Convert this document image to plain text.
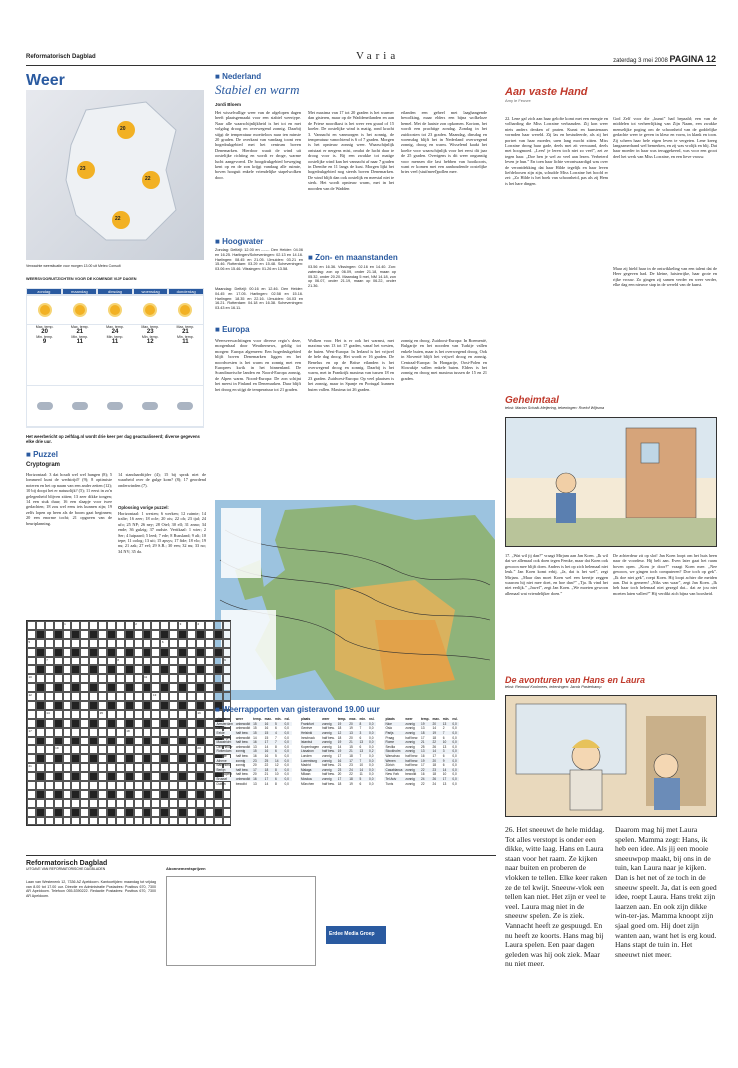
Reformatorisch Dagblad	Varia	zaterdag 3 mei 2008 PAGINA 12
Weer
20
23
22
22
Verwachte weersituatie voor morgen 13.00 uit Meteo Consult
WEERSVOORUITZICHTEN VOOR DE KOMENDE VIJF DAGEN
zondag	maandag	dinsdag	woensdag	donderdag
Max. temp.
20
Min. temp.
9
Max. temp.
21
Min. temp.
11
Max. temp.
24
Min. temp.
11
Max. temp.
23
Min. temp.
12
Max. temp.
21
Min. temp.
11
Het weerbericht op zelfdag.nl wordt drie keer per dag geactualiseerd; diverse gegevens elke drie uur.
■ Nederland
Stabiel en warm
Jordi Bloem
Het wisselvallige weer van de afgelopen dagen heeft plaatsgemaakt voor een stabiel weertype. Naar alle waarschijnlijkheid is het tot en met volgdag droog en overwegend zonnig. Daarbij stijgt de temperatuur moeiteloos naar ten minste 20 graden. De overkant van vandaag toont een hogedrukgebied met het centrum boven Denemarken. Hierdoor waait de wind uit oostelijke richting en wordt er droge, warme lucht aangevoerd. De hoogdrukgebied beweging kent op en de zon krijgt vandaag alle ruimte, boven hooguit enkele vriendelijke stapelwolken door.
Met maxima van 17 tot 20 graden is het warmer dan gisteren, maar op de Waddeneilanden en aan de Friese noordkust is het weer een graad of 15 koeler. De oostelijke wind is matig, rond kracht 3. Vannacht en vanmorgen is het zonnig, de temperatuur vanochtend is 6 of 7 graden. Morgen is het opnieuw zonnig weer. Waarschijnlijk ontstaat er nergens mist, omdat de lucht daar te droog voor is. Bij een zwakke tot matige oostelijke wind kan het vannacht af naar 7 graden in Drenthe en 11 langs de kust. Morgen lijkt het hogedrukgebied nog steeds boven Denemarken. De wind blijft dan ook oostelijk en meestal niet te sterk. Het wordt opnieuw warm, met in het noorden van de Wadden
eilanden een geheel met laaghangende bewolking, maar elders een bijna wolkeloze hemel. Met de laatste zon opkomen. Kortom, het wordt een prachtige zondag. Zondag in het zuidoosten tot 23 graden. Maandag, dinsdag en woensdag blijft het in Nederland overwegend zonnig, droog en warm. Wisselend kaakt het koelte voor waarschijnlijk voor het eerst dit jaar de 25 graden. Overigens is dit weer ongunstig voor mensen die last hebben van hooikoorts, want er komen met een aanhoudende oostelijke bries veel (stuifmeel)pollen mee.
■ Hoogwater
Zondag: Delfzijl: 12.00 en ---.--. Den Helder: 04.06 en 16.25. Harlingen/Scheveningen: 02.13 en 14.16. Harlingen: 08.45 en 21.05. IJmuiden: 03.21 en 15.46. Rotterdam: 03.29 en 15.48. Scheveningen: 03.06 en 15.46. Vlissingen: 01.26 en 13.58.
Maandag: Delfzijl: 00.16 en 12.46. Den Helder: 04.45 en 17.05. Harlingen: 02.58 en 15.16. Harlingen: 18.35 en 22.16. IJmuiden: 04.03 en 16.21. Rotterdam: 04.18 en 16.38. Scheveningen: 03.43 en 16.11.
■ Zon- en maanstanden
03.56 en 16.36. Vlissingen: 02.16 en 14.40. Zon: zaterdag: zon op 06.09, onder 21.18, maan op 05.32, onder 20.20. Maandag 5 mei, NM 14.18, zon op 06.07, onder 21.19, maan op 06.22, onder 21.36.
■ Europa
Weersverwachtingen voor diverse regio's deze, morgenhaal door Weathernews, geldig tot morgen: Europa algemeen: Een hogedrukgebied blijft boven Denemarken liggen en het noordwesten is het warm en zonnig met een Europees kwik in het binnenland. De Scandinavische landen en Noord-Europa zonnig, de Alpen warm. Noord-Europa: De zon schijnt het meest in Finland en Denemarken. Daar blijft het droog en stijgt de temperatuur tot 21 graden.
Wolken voor. Het is er ook het warmst, met maxima van 13 tot 17 graden, vanaf het westen, de buien. West-Europa: In Ierland is het vrijwel de hele dag droog. Het wordt er 16 graden. De Benelux en op de Britse eilanden is het overwegend droog en zonnig. Daarbij is het warm, met in Frankrijk maxima van tussen 18 en 23 graden. Zuidwest-Europa: Op veel plaatsen is het zonnig, maar in Spanje en Portugal kunnen buien vallen. Maxima tot 26 graden.
zonnig en droog. Zuidoost-Europa: In Roemenië, Bulgarije en het noorden van Turkije vallen enkele buien, maar is het overwegend droog. Ook in Slovenië blijft het vrijwel droog en zonnig. Centraal-Europa: In Hongarije, Oost-Polen en Slowakije vallen enkele buien. Elders is het zonnig en droog met maxima tussen de 15 en 21 graden.
■ Puzzel
Cryptogram
Horizontaal: 3 dat houdt wel wel hangen (8); 5 lommerd kunt de wedstrijd? (9); 8 optimiste noteren en het op naam van een ander zetten (12); 10 bij doopt het er natuurlijk? (5); 11 eerst in zo'n gelegenheid blijven zitten; 13 zeer dikke tongen; 14 een stuk duur; 16 een slaapje voor twee gedachten; 18 zou wel eens iets kunnen zijn; 19 zelfs lopen op heen als de boom gaat beginnen; 20 een enorme tocht; 21 opgaven van de beurtplanning.
14 standaardtijder (4); 15 bij sprak niet de waarheid over de gulge kom? (8); 17 geordend onderwinden (7).
Oplossing vorige puzzel:
Horizontaal: 1 westen; 6 werken; 12 ruimte; 14 tralie; 16 zeer; 18 ocle; 20 ois; 22 oh; 23 tjal; 24 ufo; 25 NP; 26 ney; 28 Otel; 30 ell; 31 anno; 34 ende; 36 gulzig; 37 oudste. Vertikaal: 1 wier; 2 Ser; 4 luipaard; 5 leed; 7 ede; 8 Russland; 9 ali; 10 tepe; 11 oolog; 13 uit; 15 apsys; 17 fide; 18 vlo; 19 nu; 21 aak; 27 eel; 29 S.B.; 30 een; 32 nu; 33 no; 34 NV; 35 da.
1	2	3	4
5	6
7	8	9
10	11
12	13
14	15	16
17	18
19	20
21
■ Weerrapporten van gisteravond 19.00 uur
plaats	weer	temp.	max.	min.	nsl.
Amsterdam	onbewolkt	15	16	5	0,0
De Bilt	onbewolkt	15	16	6	0,0
Eelde	half bew.	15	15	4	0,0
Vlissingen	onbewolkt	14	15	7	0,0
Maastricht	half bew.	16	17	7	0,0
Den Helder	onbewolkt	13	14	8	0,0
Rotterdam	zonnig	15	16	6	0,0
Twente	half bew.	16	16	5	0,0
Athene	zonnig	23	25	14	0,0
Barcelona	zonnig	20	22	12	0,0
Berlijn	half bew.	17	18	8	0,0
Boedapest	half bew.	20	21	10	0,0
Brussel	onbewolkt	16	17	6	0,0
Dublin	bewolkt	13	14	8	0,0
plaats	weer	temp.	max.	min.	nsl.
Frankfurt	zonnig	19	20	8	0,0
Genève	half bew.	18	19	7	0,0
Helsinki	zonnig	12	13	3	0,0
Innsbruck	half bew.	18	20	6	0,0
Istanbul	zonnig	19	21	13	0,0
Kopenhagen	zonnig	14	15	6	0,0
Lissabon	half bew.	19	21	13	0,2
Londen	zonnig	17	18	7	0,0
Luxemburg	zonnig	16	17	7	0,0
Madrid	half bew.	21	23	10	0,0
Malaga	zonnig	23	24	14	0,0
Milaan	half bew.	20	22	11	0,0
Moskou	zonnig	17	18	5	0,0
München	half bew.	18	19	6	0,0
plaats	weer	temp.	max.	min.	nsl.
Nice	zonnig	19	20	13	0,0
Oslo	zonnig	13	14	2	0,0
Parijs	zonnig	18	19	7	0,0
Praag	half bew.	17	18	6	0,0
Rome	zonnig	21	22	10	0,0
Sevilla	zonnig	25	26	13	0,0
Stockholm	zonnig	13	14	3	0,0
Warschau	half bew.	16	17	6	0,0
Wenen	half bew.	19	20	9	0,0
Zürich	half bew.	17	18	6	0,0
Casablanca	zonnig	22	23	14	0,0
New York	bewolkt	16	18	10	0,0
Tel Aviv	zonnig	24	26	17	0,0
Tunis	zonnig	22	24	13	0,0
Reformatorisch Dagblad
UITGAVE VAN REFORMATORISCHE DAGBLADEN
Laan van Westenenk 12, 7336 AZ Apeldoorn. Kantoortijden: maandag tot vrijdag van 8.00 tot 17.00 uur. Directie en Administratie Postadres: Postbus 670, 7300 AR Apeldoorn. Telefoon 055-5390222. Redactie Postadres: Postbus 670, 7300 AR Apeldoorn.
Abonnementsprijzen
Erdee Media Groep
Aan vaste Hand
Amy le Feuvre
22. Lene gaf zich aan haar gelofte komt met een energie en volharding die Miss Lorraine verbaasden. Zij kon weer niets anders denken of praten. Kunst en kunstenaars vormden haar wereld. Zij las en bestudeerde, als zij het portret van haar moeder, uren lang mocht zitten. Miss Lorraine drong haar gade, deels met zit verwaand, deels met hoogmoed. „Lees! je leren toch niet zo veel”, zei ze tegen haar. „Doe hen je wel zo veel aan lezen. Verbeterd leven je hun.” En toen haar lichte verontwaardigd was over de verontdekking dat haar Hilde tegelijk en haar leven liefdeloosen zijn zijn, schudde Miss Lorraine het hoofd er zei: „Zo Hilde is het boek van schoonheid, pas als zij Hem is het hare dingen.
God Zelf voor die „kunst” had bepaald; een van de middelen tot verheerlijking van Zijn Naam, een zwakke menselijke poging om de schoonheid van de goddelijke gedachte weer te geven in kleur en vorm, in klank en toon. Zij scheen haar hele eigen leven te vergeten. Lene kreeg langzamerhand wel bemerken, en zij was vrolijk en blij. Dat haar moeder in haar was teruggekeerd, was voor een groot deel het werk van Miss Lorraine, en een lieve vrouw.
Maar zij hield haar in de ontwikkeling van een talent dat de Heer gegeven had. De kleine, luisterrijke, haar grote en rijke vrouw. Zo gingen zij samen verder en weer verder, elke dag een nieuwe stap in de wereld van de kunst.
Geheimtaal
tekst: Marian Schalk-Meijering, tekeningen: Roelof Wijtsma
17. „Wat wil jij dan?” vraagt Mirjam aan Jan Koen. „Ik wil dat we allemaal ook doen tegen Femke, maar dat Koen ook gewoon mee blijft doen. Anders is het op zich helemaal niet leuk.” Jan Koen komt erbij. „Ja, dat is het wel”, zegt Mirjam. „Maar dan moet Koen wel een keertje zeggen waarom hij niet mee doet, en hoe dan?” „Tja. Ik vind het niet eerlijk.” „Jawel”, zegt Jan Koen. „We moeten gewoon allemaal wat vriendelijker doen.”
De achterdeur zit op slot! Jan Koen loopt om het huis heen naar de voordeur. Hij belt aan. Even later gaat het raam boven open. „Kom je door?” vraagt Koen mee. „Nee gewoon, we gingen toch computeren? Doe toch op gek”. „Ik doe niet gek”, roept Koen. Hij loopt achter die meiden aan. Dat is gemeen! „Niks van waar”, zegt Jan Koen. „Ik heb haar toch helemaal niet gezegd dat... dat ze jou niet moeten laten vallen?” Hij verdikt zich bijna van boosheid.
De avonturen van Hans en Laura
tekst: Reinoud Koolmees, tekeningen: Jacob Pasterkamp
26. Het sneeuwt de hele middag. Tot alles verstopt is onder een dikke, witte laag. Hans en Laura staan voor het raam. Ze kijken naar buiten en proberen de vlokken te tellen. Elke keer raken ze de tel kwijt. Sneeuw-vlok een tellen kan niet. Het zijn er veel te veel. Laura mag niet in de sneeuw spelen. Ze is ziek. Vannacht heeft ze gespuugd. En nu heeft ze koorts. Hans mag bij Laura spelen. Een paar dagen geleden was hij ook ziek. Maar nu niet meer.
Daarom mag hij met Laura spelen. Mamma zegt: Hans, ik heb een idee. Als jij een mooie sneeuwpop maakt, bij ons in de tuin, kan Laura naar je kijken. Dan is het net of ze toch in de sneeuw speelt. Ja, dat is een goed idee, roept Laura. Hans trekt zijn laarzen aan. En ook zijn dikke win-ter-jas. Mamma knoopt zijn sjaal goed om. Hij doet zijn wanten aan, want het is erg koud. Hans stapt de tuin in. Het sneeuwt niet meer.
